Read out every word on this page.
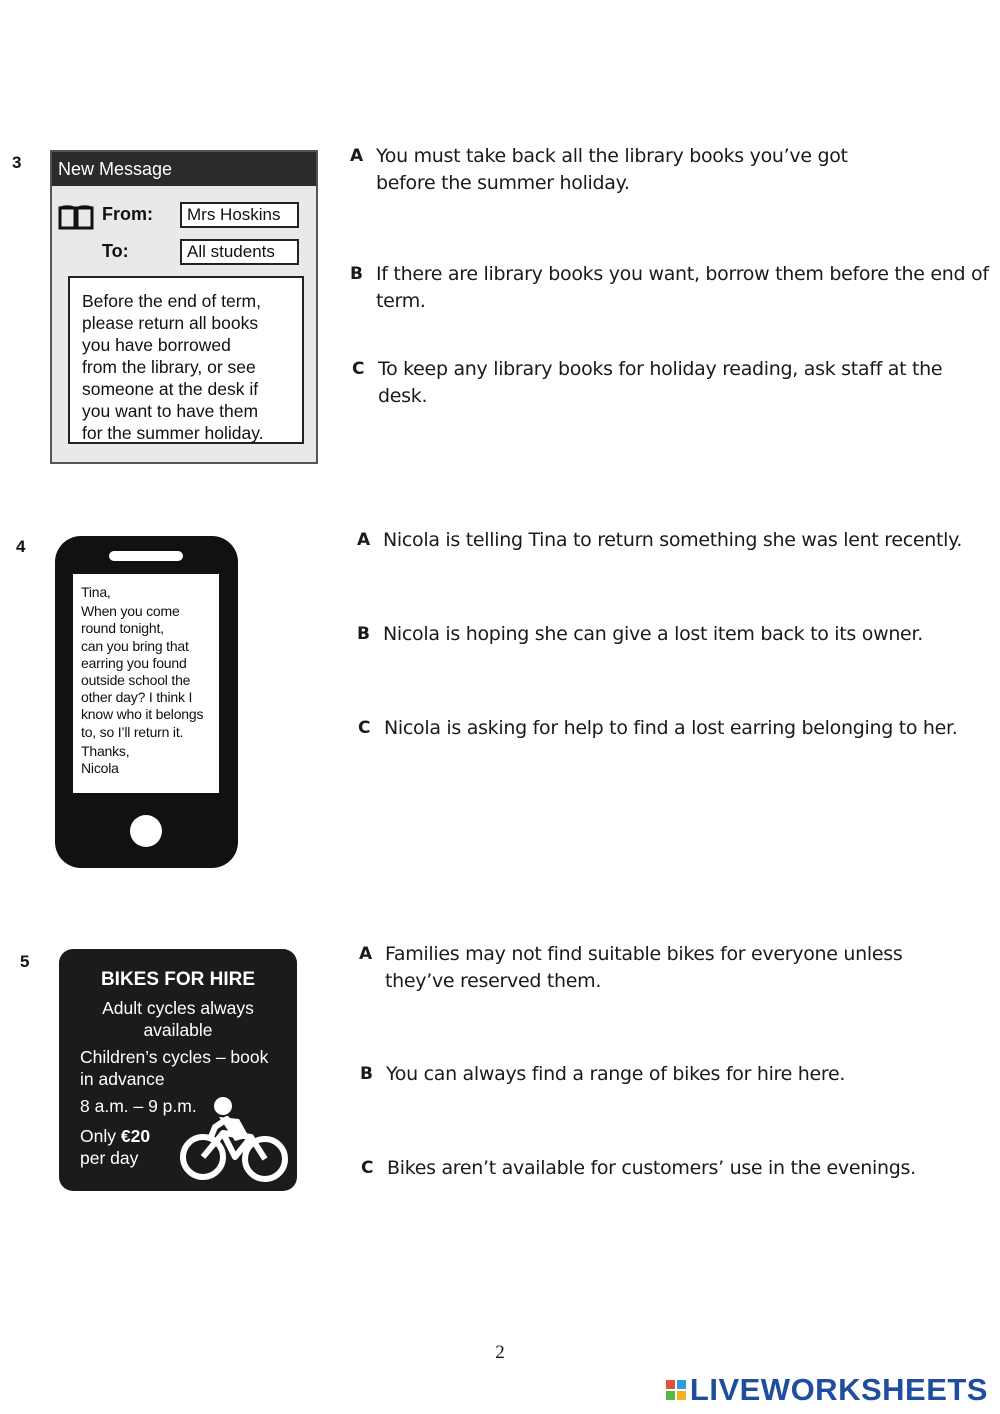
3
4
5
New Message
From:	Mrs Hoskins
To:	All students

Before the end of term,

please return all books

you have borrowed

from the library, or see

someone at the desk if

you want to have them

for the summer holiday.

A You must take back all the library books you’ve got before the summer holiday.
B If there are library books you want, borrow them before the end of term.
C To keep any library books for holiday reading, ask staff at the desk.

Tina,

When you come

round tonight,

can you bring that

earring you found

outside school the

other day? I think I

know who it belongs

to, so I’ll return it.

Thanks,

Nicola

A Nicola is telling Tina to return something she was lent recently.
B Nicola is hoping she can give a lost item back to its owner.
C Nicola is asking for help to find a lost earring belonging to her.
BIKES FOR HIRE
Adult cycles always
available
Children’s cycles – book
in advance
8 a.m. – 9 p.m.
Only €20
per day
A Families may not find suitable bikes for everyone unless they’ve reserved them.
B You can always find a range of bikes for hire here.
C Bikes aren’t available for customers’ use in the evenings.
2
LIVEWORKSHEETS
